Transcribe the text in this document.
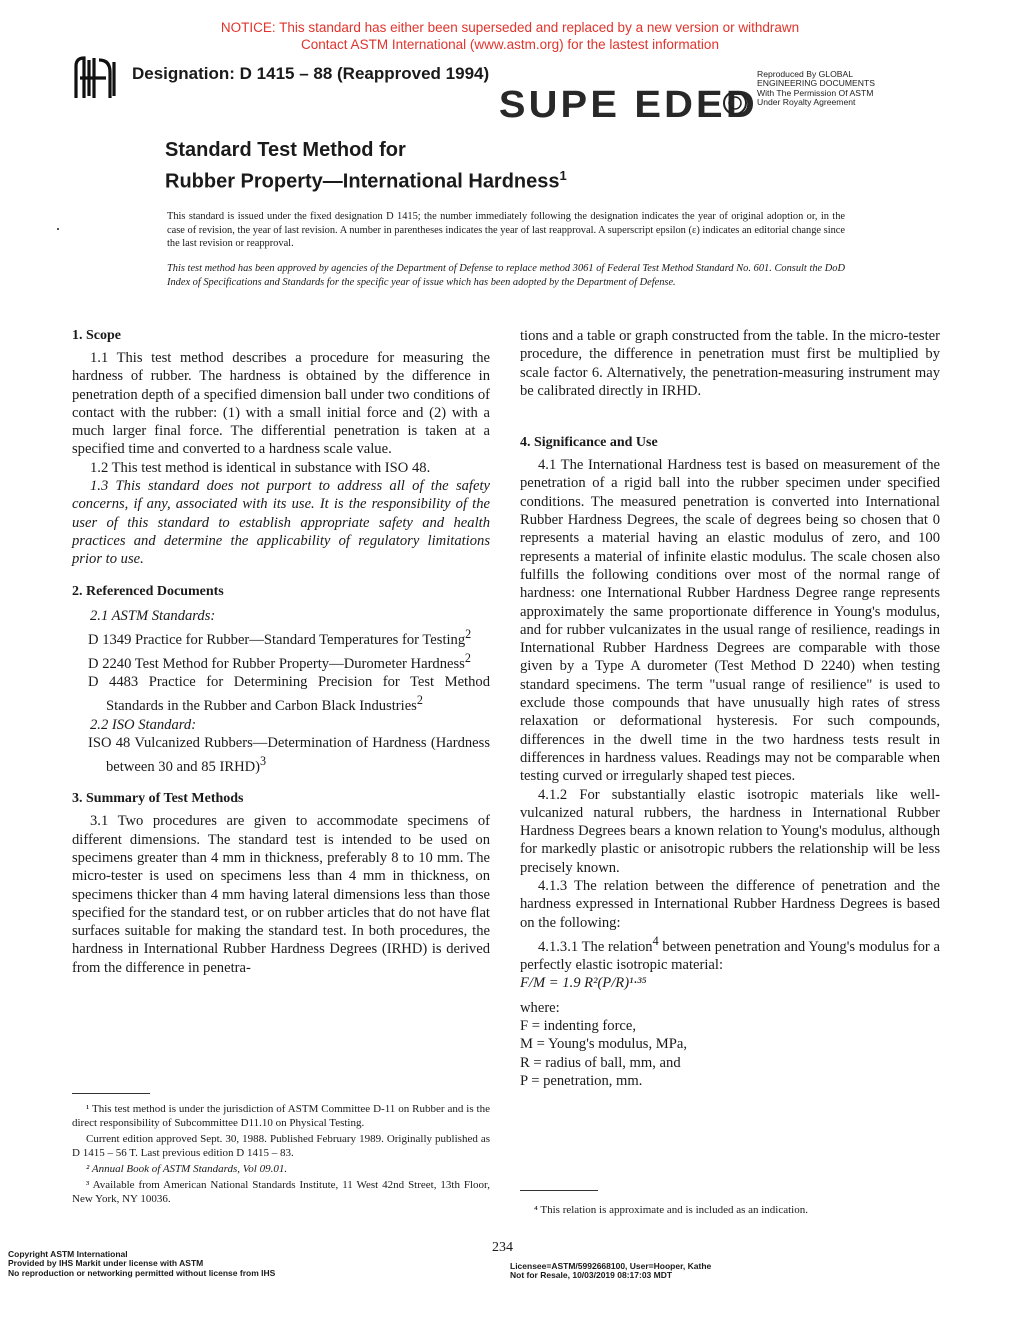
NOTICE: This standard has either been superseded and replaced by a new version or withdrawn
Contact ASTM International (www.astm.org) for the lastest information
Designation: D 1415 – 88 (Reapproved 1994)
SUPE EDED
Reproduced By GLOBAL
ENGINEERING DOCUMENTS
With The Permission Of ASTM
Under Royalty Agreement
Standard Test Method for
Rubber Property—International Hardness$^1$
This standard is issued under the fixed designation D 1415; the number immediately following the designation indicates the year of original adoption or, in the case of revision, the year of last revision. A number in parentheses indicates the year of last reapproval. A superscript epsilon (ε) indicates an editorial change since the last revision or reapproval.
This test method has been approved by agencies of the Department of Defense to replace method 3061 of Federal Test Method Standard No. 601. Consult the DoD Index of Specifications and Standards for the specific year of issue which has been adopted by the Department of Defense.
1. Scope

1.1 This test method describes a procedure for measuring the hardness of rubber. The hardness is obtained by the difference in penetration depth of a specified dimension ball under two conditions of contact with the rubber: (1) with a small initial force and (2) with a much larger final force. The differential penetration is taken at a specified time and converted to a hardness scale value.

1.2 This test method is identical in substance with ISO 48.

1.3 This standard does not purport to address all of the safety concerns, if any, associated with its use. It is the responsibility of the user of this standard to establish appropriate safety and health practices and determine the applicability of regulatory limitations prior to use.

2. Referenced Documents

2.1 ASTM Standards:

D 1349 Practice for Rubber—Standard Temperatures for Testing$^2$

D 2240 Test Method for Rubber Property—Durometer Hardness$^2$

D 4483 Practice for Determining Precision for Test Method Standards in the Rubber and Carbon Black Industries$^2$

2.2 ISO Standard:

ISO 48 Vulcanized Rubbers—Determination of Hardness (Hardness between 30 and 85 IRHD)$^3$

3. Summary of Test Methods

3.1 Two procedures are given to accommodate specimens of different dimensions. The standard test is intended to be used on specimens greater than 4 mm in thickness, preferably 8 to 10 mm. The micro-tester is used on specimens less than 4 mm in thickness, on specimens thicker than 4 mm having lateral dimensions less than those specified for the standard test, or on rubber articles that do not have flat surfaces suitable for making the standard test. In both procedures, the hardness in International Rubber Hardness Degrees (IRHD) is derived from the difference in penetra-

¹ This test method is under the jurisdiction of ASTM Committee D-11 on Rubber and is the direct responsibility of Subcommittee D11.10 on Physical Testing.

Current edition approved Sept. 30, 1988. Published February 1989. Originally published as D 1415 – 56 T. Last previous edition D 1415 – 83.

² Annual Book of ASTM Standards, Vol 09.01.

³ Available from American National Standards Institute, 11 West 42nd Street, 13th Floor, New York, NY 10036.

tions and a table or graph constructed from the table. In the micro-tester procedure, the difference in penetration must first be multiplied by scale factor 6. Alternatively, the penetration-measuring instrument may be calibrated directly in IRHD.

4. Significance and Use

4.1 The International Hardness test is based on measurement of the penetration of a rigid ball into the rubber specimen under specified conditions. The measured penetration is converted into International Rubber Hardness Degrees, the scale of degrees being so chosen that 0 represents a material having an elastic modulus of zero, and 100 represents a material of infinite elastic modulus. The scale chosen also fulfills the following conditions over most of the normal range of hardness: one International Rubber Hardness Degree range represents approximately the same proportionate difference in Young's modulus, and for rubber vulcanizates in the usual range of resilience, readings in International Rubber Hardness Degrees are comparable with those given by a Type A durometer (Test Method D 2240) when testing standard specimens. The term "usual range of resilience" is used to exclude those compounds that have unusually high rates of stress relaxation or deformational hysteresis. For such compounds, differences in the dwell time in the two hardness tests result in differences in hardness values. Readings may not be comparable when testing curved or irregularly shaped test pieces.

4.1.2 For substantially elastic isotropic materials like well-vulcanized natural rubbers, the hardness in International Rubber Hardness Degrees bears a known relation to Young's modulus, although for markedly plastic or anisotropic rubbers the relationship will be less precisely known.

4.1.3 The relation between the difference of penetration and the hardness expressed in International Rubber Hardness Degrees is based on the following:

4.1.3.1 The relation$^4$ between penetration and Young's modulus for a perfectly elastic isotropic material:

F/M = 1.9 R²(P/R)¹·³⁵

where:

F = indenting force,

M = Young's modulus, MPa,

R = radius of ball, mm, and

P = penetration, mm.

⁴ This relation is approximate and is included as an indication.

234
Copyright ASTM International
Provided by IHS Markit under license with ASTM
No reproduction or networking permitted without license from IHS
Licensee=ASTM/5992668100, User=Hooper, Kathe
Not for Resale, 10/03/2019 08:17:03 MDT
